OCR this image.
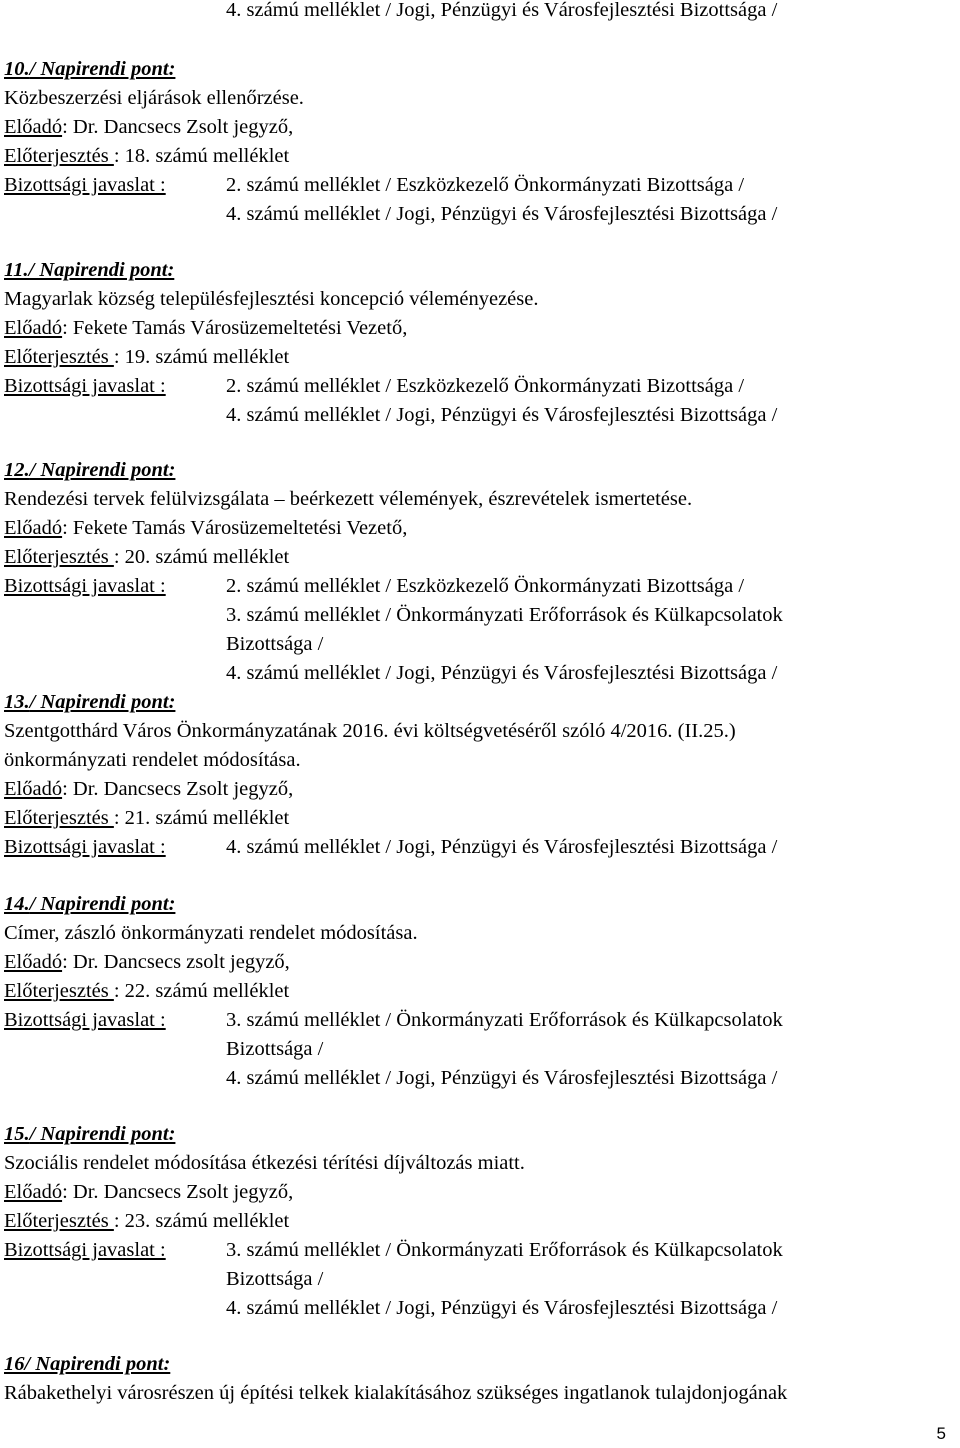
4. számú melléklet / Jogi, Pénzügyi és Városfejlesztési Bizottsága /
10./ Napirendi pont:
Közbeszerzési eljárások ellenőrzése.
Előadó: Dr. Dancsecs Zsolt jegyző,
Előterjesztés : 18. számú melléklet
Bizottsági javaslat :	2. számú melléklet / Eszközkezelő Önkormányzati Bizottsága /
4. számú melléklet / Jogi, Pénzügyi és Városfejlesztési Bizottsága /
11./ Napirendi pont:
Magyarlak község településfejlesztési koncepció véleményezése.
Előadó: Fekete Tamás Városüzemeltetési Vezető,
Előterjesztés : 19. számú melléklet
Bizottsági javaslat :	2. számú melléklet / Eszközkezelő Önkormányzati Bizottsága /
4. számú melléklet / Jogi, Pénzügyi és Városfejlesztési Bizottsága /
12./ Napirendi pont:
Rendezési tervek felülvizsgálata – beérkezett vélemények, észrevételek ismertetése.
Előadó: Fekete Tamás Városüzemeltetési Vezető,
Előterjesztés : 20. számú melléklet
Bizottsági javaslat :	2. számú melléklet / Eszközkezelő Önkormányzati Bizottsága /
3. számú melléklet / Önkormányzati Erőforrások és Külkapcsolatok
Bizottsága /
4. számú melléklet / Jogi, Pénzügyi és Városfejlesztési Bizottsága /
13./ Napirendi pont:
Szentgotthárd Város Önkormányzatának 2016. évi költségvetéséről szóló 4/2016. (II.25.)
önkormányzati rendelet módosítása.
Előadó: Dr. Dancsecs Zsolt jegyző,
Előterjesztés : 21. számú melléklet
Bizottsági javaslat :	4. számú melléklet / Jogi, Pénzügyi és Városfejlesztési Bizottsága /
14./ Napirendi pont:
Címer, zászló önkormányzati rendelet módosítása.
Előadó: Dr. Dancsecs zsolt jegyző,
Előterjesztés : 22. számú melléklet
Bizottsági javaslat :	3. számú melléklet / Önkormányzati Erőforrások és Külkapcsolatok
Bizottsága /
4. számú melléklet / Jogi, Pénzügyi és Városfejlesztési Bizottsága /
15./ Napirendi pont:
Szociális rendelet módosítása étkezési térítési díjváltozás miatt.
Előadó: Dr. Dancsecs Zsolt jegyző,
Előterjesztés : 23. számú melléklet
Bizottsági javaslat :	3. számú melléklet / Önkormányzati Erőforrások és Külkapcsolatok
Bizottsága /
4. számú melléklet / Jogi, Pénzügyi és Városfejlesztési Bizottsága /
16/ Napirendi pont:
Rábakethelyi városrészen új építési telkek kialakításához szükséges ingatlanok tulajdonjogának
5
